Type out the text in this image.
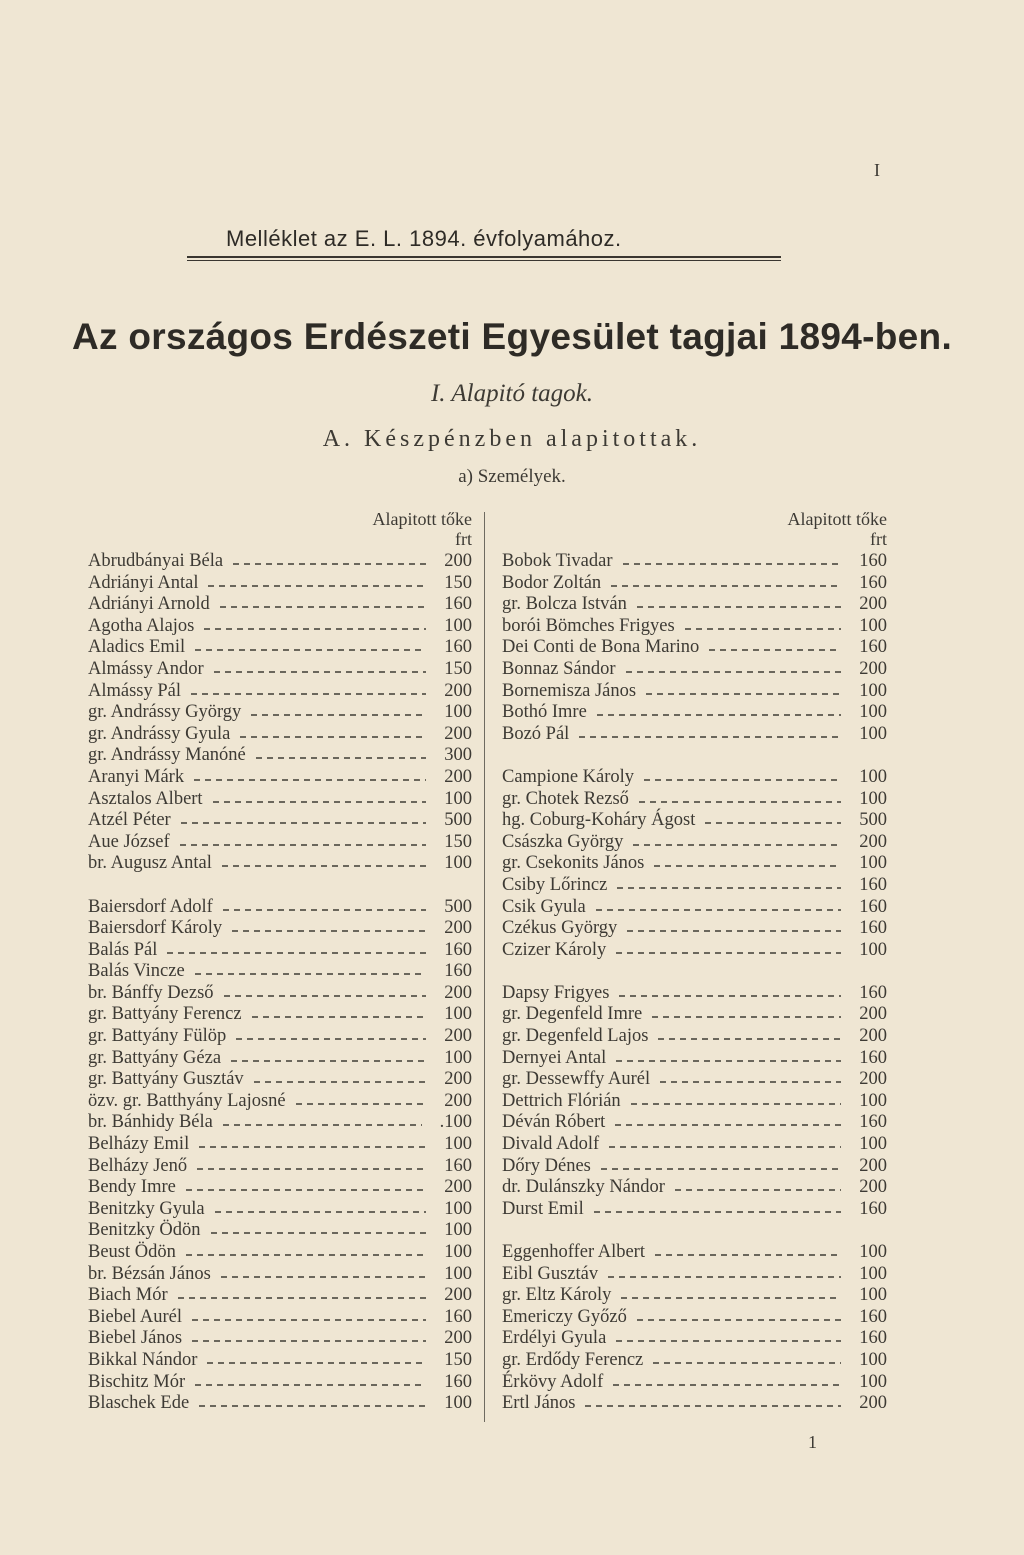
I
Melléklet az E. L. 1894. évfolyamához.
Az országos Erdészeti Egyesület tagjai 1894-ben.
I. Alapitó tagok.
A. Készpénzben alapitottak.
a) Személyek.
Alapitott tőke
frt
Alapitott tőke
frt
Abrudbányai Béla	200
Adriányi Antal	150
Adriányi Arnold	160
Agotha Alajos	100
Aladics Emil	160
Almássy Andor	150
Almássy Pál	200
gr. Andrássy György	100
gr. Andrássy Gyula	200
gr. Andrássy Manóné	300
Aranyi Márk	200
Asztalos Albert	100
Atzél Péter	500
Aue József	150
br. Augusz Antal	100
Baiersdorf Adolf	500
Baiersdorf Károly	200
Balás Pál	160
Balás Vincze	160
br. Bánffy Dezső	200
gr. Battyány Ferencz	100
gr. Battyány Fülöp	200
gr. Battyány Géza	100
gr. Battyány Gusztáv	200
özv. gr. Batthyány Lajosné	200
br. Bánhidy Béla	.100
Belházy Emil	100
Belházy Jenő	160
Bendy Imre	200
Benitzky Gyula	100
Benitzky Ödön	100
Beust Ödön	100
br. Bézsán János	100
Biach Mór	200
Biebel Aurél	160
Biebel János	200
Bikkal Nándor	150
Bischitz Mór	160
Blaschek Ede	100
Bobok Tivadar	160
Bodor Zoltán	160
gr. Bolcza István	200
borói Bömches Frigyes	100
Dei Conti de Bona Marino	160
Bonnaz Sándor	200
Bornemisza János	100
Bothó Imre	100
Bozó Pál	100
Campione Károly	100
gr. Chotek Rezső	100
hg. Coburg-Koháry Ágost	500
Császka György	200
gr. Csekonits János	100
Csiby Lőrincz	160
Csik Gyula	160
Czékus György	160
Czizer Károly	100
Dapsy Frigyes	160
gr. Degenfeld Imre	200
gr. Degenfeld Lajos	200
Dernyei Antal	160
gr. Dessewffy Aurél	200
Dettrich Flórián	100
Déván Róbert	160
Divald Adolf	100
Dőry Dénes	200
dr. Dulánszky Nándor	200
Durst Emil	160
Eggenhoffer Albert	100
Eibl Gusztáv	100
gr. Eltz Károly	100
Emericzy Győző	160
Erdélyi Gyula	160
gr. Erdődy Ferencz	100
Érkövy Adolf	100
Ertl János	200
1
